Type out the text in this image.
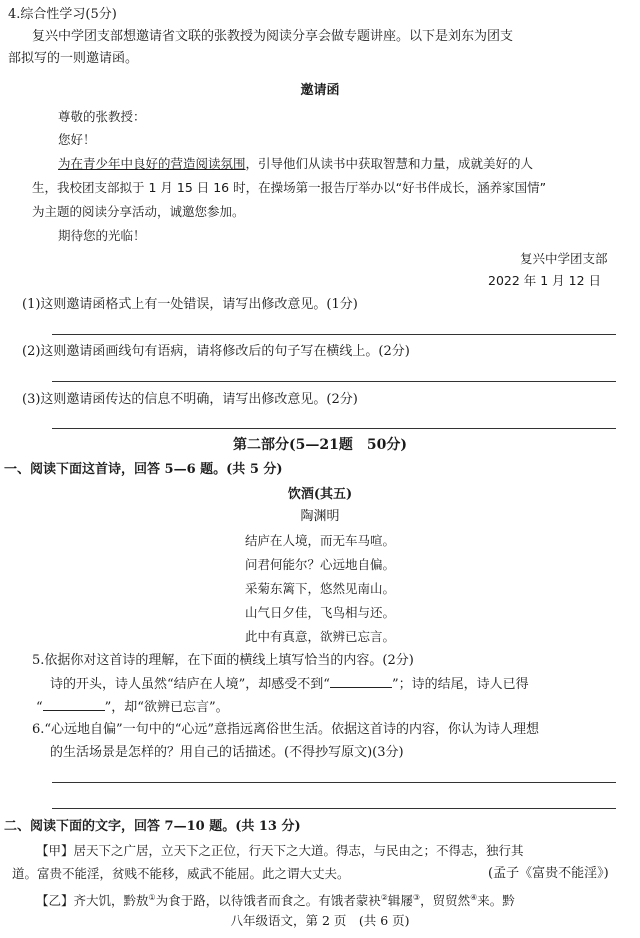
4.综合性学习(5分)
复兴中学团支部想邀请省文联的张教授为阅读分享会做专题讲座。以下是刘东为团支
部拟写的一则邀请函。
邀请函
尊敬的张教授：
您好！
为在青少年中良好的营造阅读氛围，引导他们从读书中获取智慧和力量，成就美好的人
生，我校团支部拟于 1 月 15 日 16 时，在操场第一报告厅举办以“好书伴成长，涵养家国情”
为主题的阅读分享活动，诚邀您参加。
期待您的光临！
复兴中学团支部
2022 年 1 月 12 日
(1)这则邀请函格式上有一处错误，请写出修改意见。(1分)
(2)这则邀请函画线句有语病，请将修改后的句子写在横线上。(2分)
(3)这则邀请函传达的信息不明确，请写出修改意见。(2分)
第二部分(5—21题　50分)
一、阅读下面这首诗，回答 5—6 题。(共 5 分)
饮酒(其五)
陶渊明
结庐在人境，而无车马喧。
问君何能尔？心远地自偏。
采菊东篱下，悠然见南山。
山气日夕佳，飞鸟相与还。
此中有真意，欲辨已忘言。
5.依据你对这首诗的理解，在下面的横线上填写恰当的内容。(2分)
诗的开头，诗人虽然“结庐在人境”，却感受不到“	”；诗的结尾，诗人已得
“	”，却“欲辨已忘言”。
6.“心远地自偏”一句中的“心远”意指远离俗世生活。依据这首诗的内容，你认为诗人理想
的生活场景是怎样的？用自己的话描述。(不得抄写原文)(3分)
二、阅读下面的文字，回答 7—10 题。(共 13 分)
【甲】居天下之广居，立天下之正位，行天下之大道。得志，与民由之；不得志，独行其
道。富贵不能淫，贫贱不能移，威武不能屈。此之谓大丈夫。	(孟子《富贵不能淫》)
【乙】齐大饥，黔敖①为食于路，以待饿者而食之。有饿者蒙袂②辑屦③，贸贸然④来。黔
八年级语文，第 2 页　(共 6 页)
